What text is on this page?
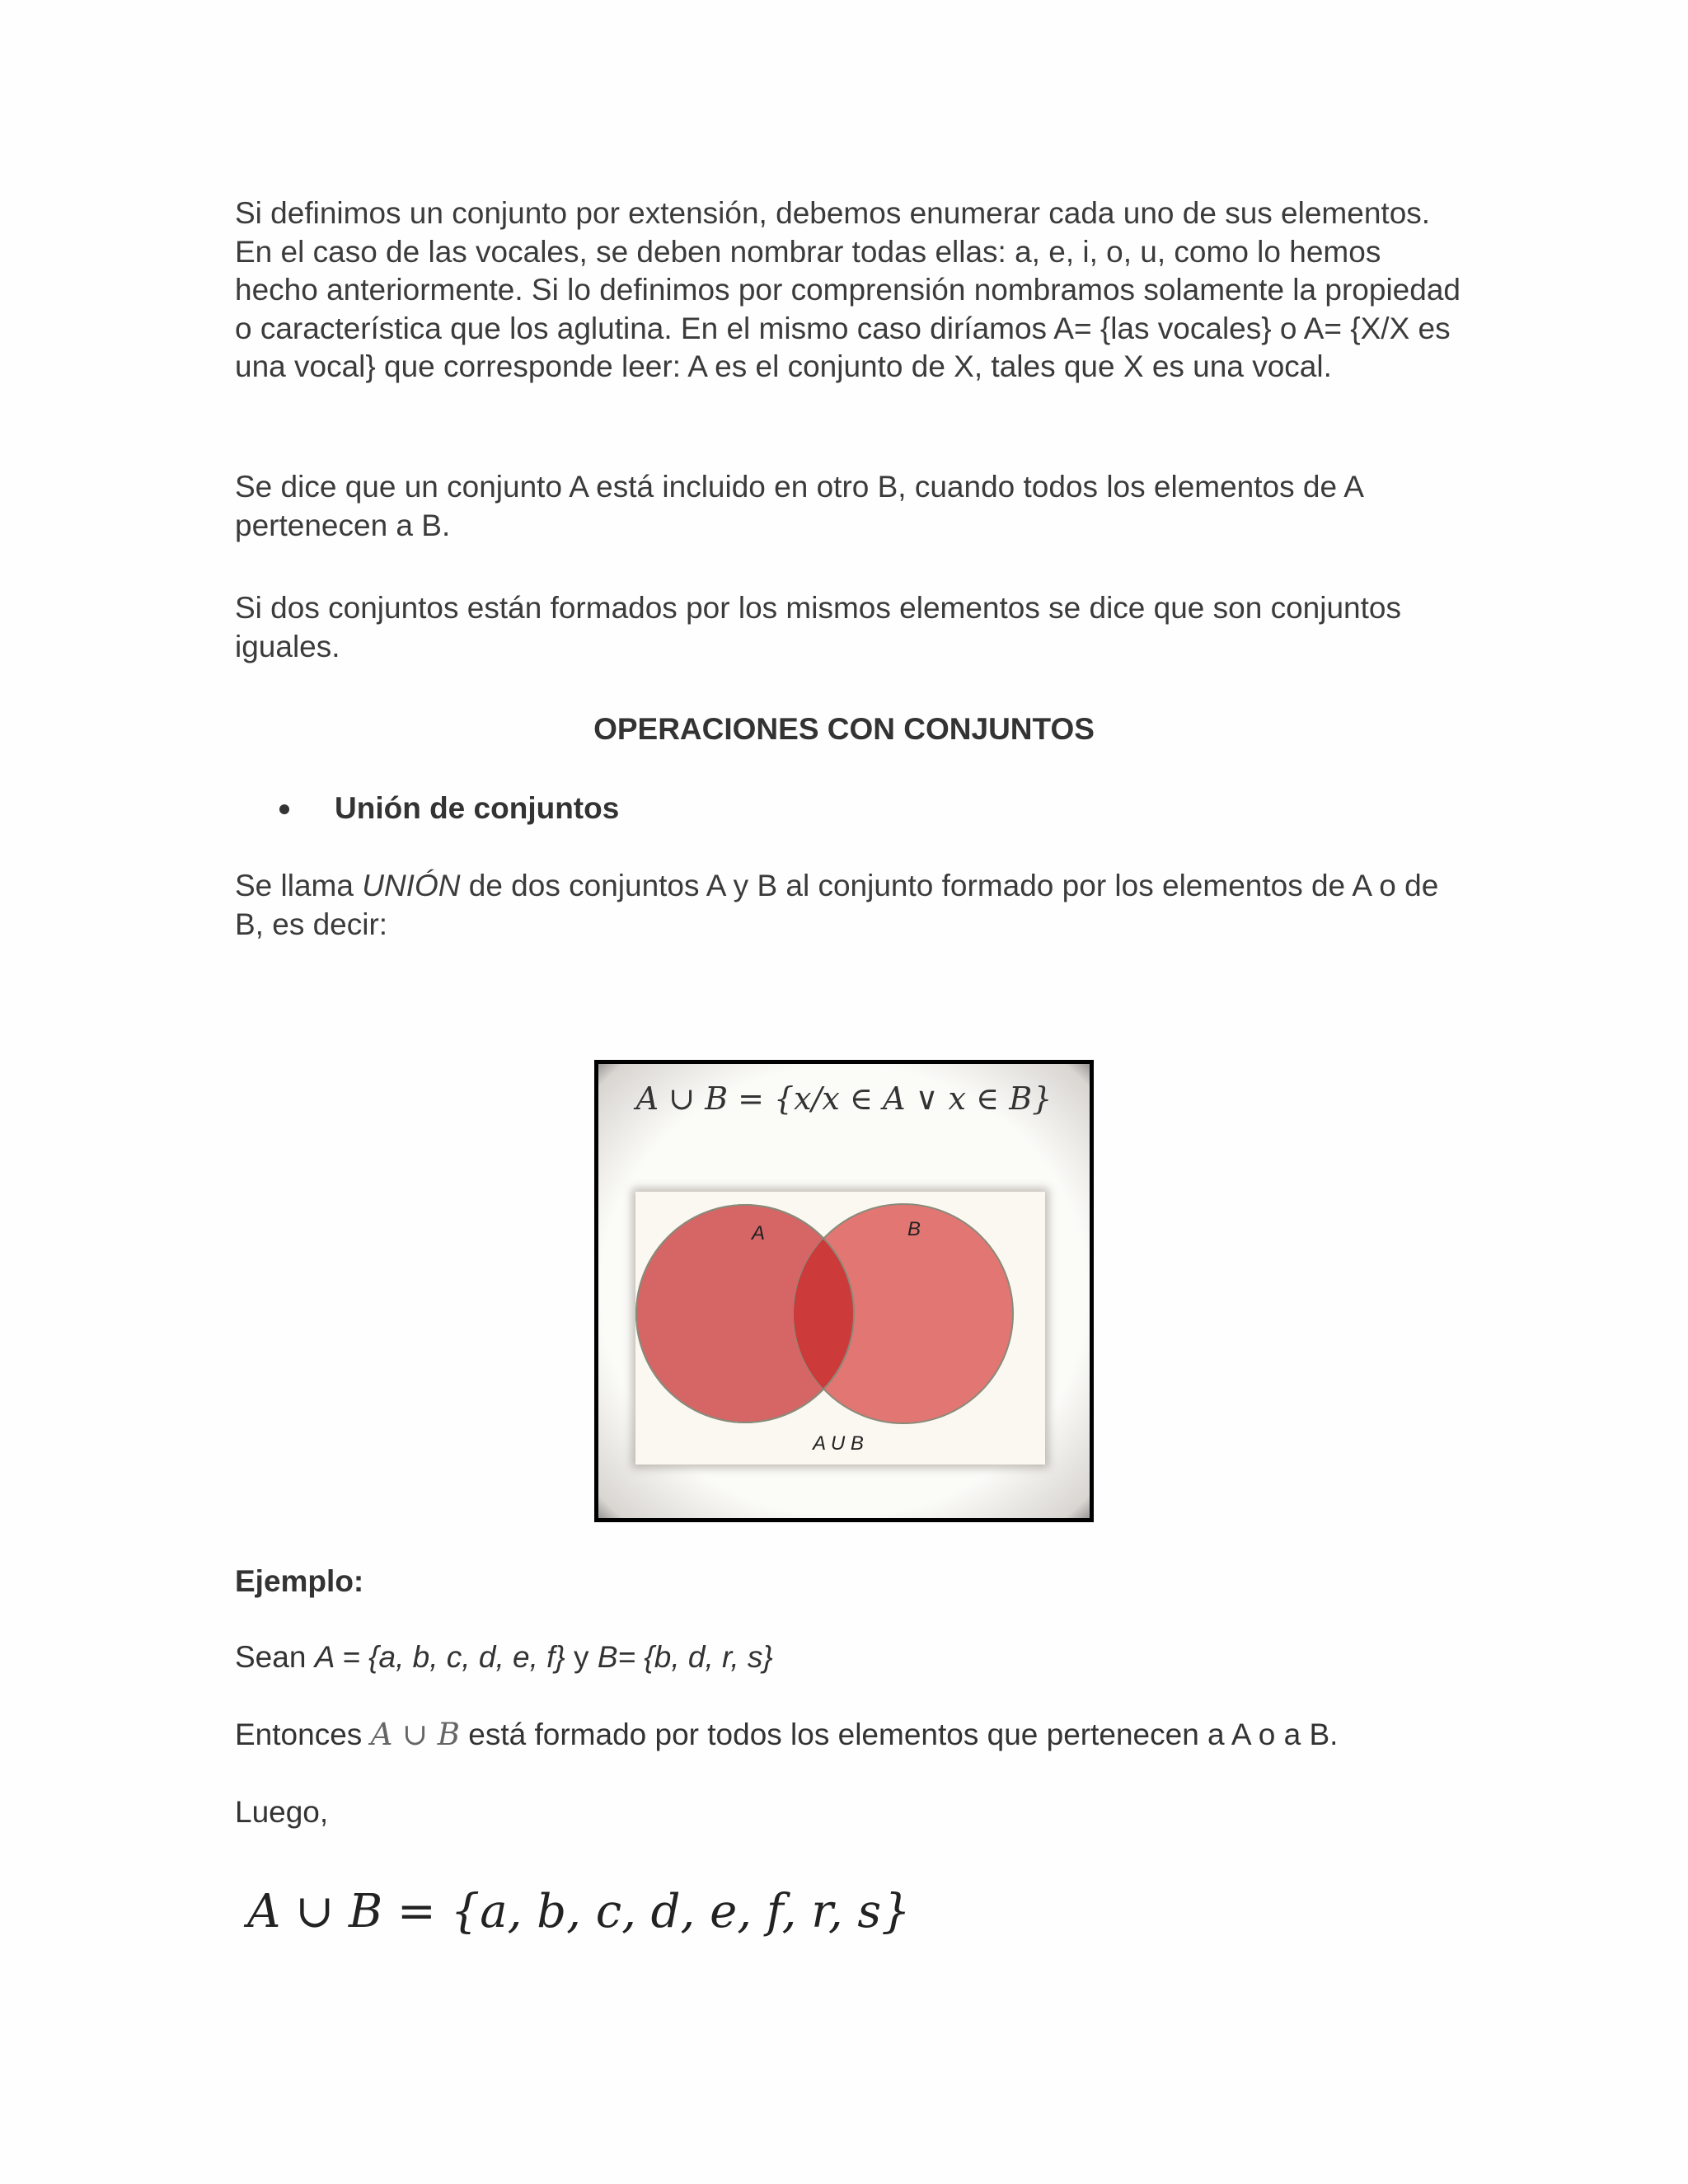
Si definimos un conjunto por extensión, debemos enumerar cada uno de sus elementos. En el caso de las vocales, se deben nombrar todas ellas: a, e, i, o, u, como lo hemos hecho anteriormente. Si lo definimos por comprensión nombramos solamente la propiedad o característica que los aglutina. En el mismo caso diríamos A= {las vocales} o A= {X/X es una vocal} que corresponde leer: A es el conjunto de X, tales que X es una vocal.

Se dice que un conjunto A está incluido en otro B, cuando todos los elementos de A pertenecen a B.

Si dos conjuntos están formados por los mismos elementos se dice que son conjuntos iguales.

OPERACIONES CON CONJUNTOS
Unión de conjuntos

Se llama UNIÓN de dos conjuntos A y B al conjunto formado por los elementos de A o de B, es decir:

A ∪ B = {x/x ∈ A ∨ x ∈ B}
A	B
A U B
Ejemplo:
Sean A = {a, b, c, d, e, f} y B= {b, d, r, s}
Entonces A ∪ B está formado por todos los elementos que pertenecen a A o a B.
Luego,
A ∪ B = {a, b, c, d, e, f, r, s}
